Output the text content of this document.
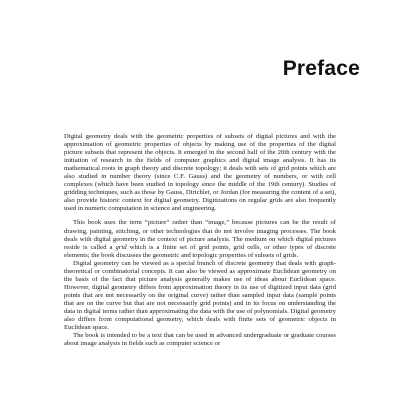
Preface

Digital geometry deals with the geometric properties of subsets of digital pictures and with the approximation of geometric properties of objects by making use of the properties of the digital picture subsets that represent the objects. It emerged in the second half of the 20th century with the initiation of research in the fields of computer graphics and digital image analysis. It has its mathematical roots in graph theory and discrete topology; it deals with sets of grid points which are also studied in number theory (since C.F. Gauss) and the geometry of numbers, or with cell complexes (which have been studied in topology since the middle of the 19th century). Studies of gridding techniques, such as those by Gauss, Dirichlet, or Jordan (for measuring the content of a set), also provide historic context for digital geometry. Digitizations on regular grids are also frequently used in numeric computation in science and engineering.

This book uses the term “picture” rather than “image,” because pictures can be the result of drawing, painting, stitching, or other technologies that do not involve imaging processes. The book deals with digital geometry in the context of picture analysis. The medium on which digital pictures reside is called a grid which is a finite set of grid points, grid cells, or other types of discrete elements; the book discusses the geometric and topologic properties of subsets of grids.

Digital geometry can be viewed as a special branch of discrete geometry that deals with graph-theoretical or combinatorial concepts. It can also be viewed as approximate Euclidean geometry on the basis of the fact that picture analysis generally makes use of ideas about Euclidean space. However, digital geometry differs from approximation theory in its use of digitized input data (grid points that are not necessarily on the original curve) rather than sampled input data (sample points that are on the curve but that are not necessarily grid points) and in its focus on understanding the data in digital terms rather than approximating the data with the use of polynomials. Digital geometry also differs from computational geometry, which deals with finite sets of geometric objects in Euclidean space.

The book is intended to be a text that can be used in advanced undergraduate or graduate courses about image analysis in fields such as computer science or
